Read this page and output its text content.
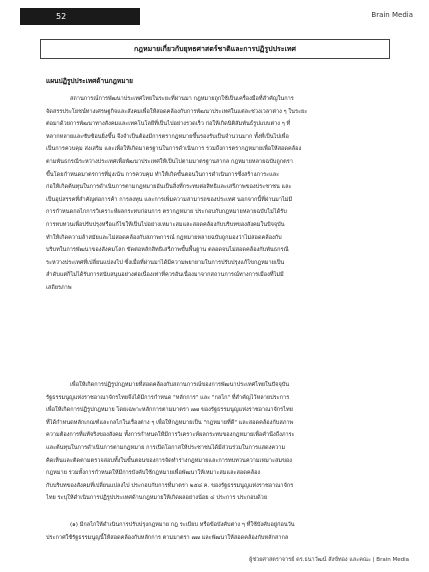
52	Brain Media
กฎหมายเกี่ยวกับยุทธศาสตร์ชาติและการปฏิรูปประเทศ
แผนปฏิรูปประเทศด้านกฎหมาย
สถานการณ์การพัฒนาประเทศไทยในระยะที่ผ่านมา กฎหมายถูกใช้เป็นเครื่องมือที่สำคัญในการ
จัดสรรประโยชน์ทางเศรษฐกิจและสังคมเพื่อให้สอดคล้องกับการพัฒนาประเทศในแต่ละช่วงเวลาต่าง ๆ ในระยะ
ต่อมาด้วยการพัฒนาทางสังคมและเทคโนโลยีที่เป็นไปอย่างรวดเร็ว ก่อให้เกิดนิติสัมพันธ์รูปแบบต่าง ๆ ที่
หลากหลายและซับซ้อนยิ่งขึ้น จึงจำเป็นต้องมีการตรากฎหมายขึ้นรองรับเป็นจำนวนมาก ทั้งที่เป็นไปเพื่อ
เป็นการควบคุม ส่งเสริม และเพื่อให้เกิดมาตรฐานในการดำเนินการ รวมถึงการตรากฎหมายเพื่อให้สอดคล้อง
ตามพันธกรณีระหว่างประเทศเพื่อพัฒนาประเทศให้เป็นไปตามมาตรฐานสากล กฎหมายหลายฉบับถูกตรา
ขึ้นโดยกำหนดมาตรการที่มุ่งเน้น การควบคุม ทำให้เกิดขั้นตอนในการดำเนินการซึ่งสร้างภาระและ
ก่อให้เกิดต้นทุนในการดำเนินการตามกฎหมายอันเป็นสิ่งที่กระทบต่อสิทธิและเสรีภาพของประชาชน และ
เป็นอุปสรรคที่สำคัญต่อการค้า การลงทุน และการเพิ่มความสามารถของประเทศ นอกจากนี้ที่ผ่านมาไม่มี
การกำหนดกลไกการวิเคราะห์ผลกระทบก่อนการ ตรากฎหมาย ประกอบกับกฎหมายหลายฉบับไม่ได้รับ
การทบทวนเพื่อปรับปรุงหรือแก้ไขให้เป็นไปอย่างเหมาะสมและสอดคล้องกับบริบทของสังคมในปัจจุบัน
ทำให้เกิดความล้าสมัยและไม่สอดคล้องกับสภาพการณ์ กฎหมายหลายฉบับถูกมองว่าไม่สอดคล้องกับ
บริบทในการพัฒนาของสังคมโลก ขัดต่อหลักสิทธิเสรีภาพขั้นพื้นฐาน ตลอดจนไม่สอดคล้องกับพันธกรณี
ระหว่างประเทศที่เปลี่ยนแปลงไป ซึ่งเมื่อที่ผ่านมาได้มีความพยายามในการปรับปรุงแก้ไขกฎหมายเป็น
ลำดับแต่ก็ไม่ได้รับการสนับสนุนอย่างต่อเนื่องเท่าที่ควรอันเนื่องมาจากสถานการณ์ทางการเมืองที่ไม่มี
เสถียรภาพ
เพื่อให้เกิดการปฏิรูปกฎหมายที่สอดคล้องกับสถานการณ์ของการพัฒนาประเทศไทยในปัจจุบัน
รัฐธรรมนูญแห่งราชอาณาจักรไทยจึงได้มีการกำหนด "หลักการ" และ "กลไก" ที่สำคัญไว้หลายประการ
เพื่อให้เกิดการปฏิรูปกฎหมาย โดยเฉพาะหลักการตามมาตรา ๗๗ ของรัฐธรรมนูญแห่งราชอาณาจักรไทย
ที่ได้กำหนดหลักเกณฑ์และกลไกในเรื่องต่าง ๆ เพื่อให้กฎหมายเป็น "กฎหมายที่ดี" และสอดคล้องกับสภาพ
ความต้องการที่แท้จริงของสังคม ทั้งการกำหนดให้มีการวิเคราะห์ผลกระทบของกฎหมายเพื่อคำนึงถึงภาระ
และต้นทุนในการดำเนินการตามกฎหมาย การเปิดโอกาสให้ประชาชนได้มีส่วนร่วมในการแสดงความ
คิดเห็นและติดตามตรวจสอบทั้งในขั้นตอนของการจัดทำร่างกฎหมายและการทบทวนความเหมาะสมของ
กฎหมาย รวมทั้งการกำหนดให้มีการบังคับใช้กฎหมายเพื่อพัฒนาให้เหมาะสมและสอดคล้อง
กับบริบทของสังคมที่เปลี่ยนแปลงไป ประกอบกับการที่มาตรา ๒๕๘ ค. ของรัฐธรรมนูญแห่งราชอาณาจักร
ไทย ระบุให้ดำเนินการปฏิรูปประเทศด้านกฎหมายให้เกิดผลอย่างน้อย ๔ ประการ ประกอบด้วย
(๑) มีกลไกให้ดำเนินการปรับปรุงกฎหมาย กฎ ระเบียบ หรือข้อบังคับต่าง ๆ ที่ใช้บังคับอยู่ก่อนวัน
ประกาศใช้รัฐธรรมนูญนี้ให้สอดคล้องกับหลักการ ตามมาตรา ๗๗ และพัฒนาให้สอดคล้องกับหลักสากล
ผู้ช่วยศาสตราจารย์ ดร.ธนาวัฒน์ สังข์ทอง และคณะ | Brain Media
